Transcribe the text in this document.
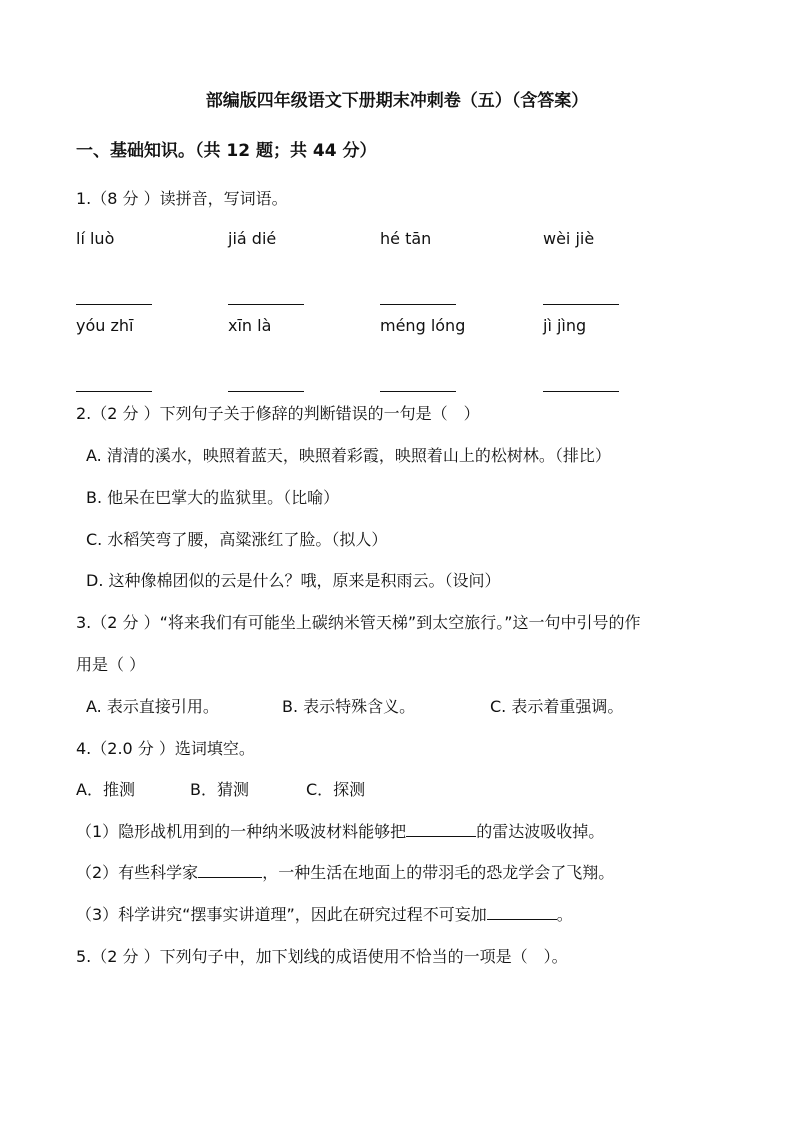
部编版四年级语文下册期末冲刺卷（五）（含答案）
一、基础知识。（共 12 题；共 44 分）
1.（8 分 ）读拼音，写词语。
lí luò	jiá dié	hé tān	wèi jiè
yóu zhī	xīn là	méng lóng	jì jìng
2.（2 分 ）下列句子关于修辞的判断错误的一句是（　）
A. 清清的溪水，映照着蓝天，映照着彩霞，映照着山上的松树林。（排比）
B. 他呆在巴掌大的监狱里。（比喻）
C. 水稻笑弯了腰，高粱涨红了脸。（拟人）
D. 这种像棉团似的云是什么？哦，原来是积雨云。（设问）
3.（2 分 ）“将来我们有可能坐上碳纳米管天梯”到太空旅行。”这一句中引号的作
用是（ ）
A. 表示直接引用。	B. 表示特殊含义。	C. 表示着重强调。
4.（2.0 分 ）选词填空。
A．推测	B．猜测	C．探测
（1）隐形战机用到的一种纳米吸波材料能够把	的雷达波吸收掉。
（2）有些科学家	，一种生活在地面上的带羽毛的恐龙学会了飞翔。
（3）科学讲究“摆事实讲道理”，因此在研究过程不可妄加	。
5.（2 分 ）下列句子中，加下划线的成语使用不恰当的一项是（　）。
